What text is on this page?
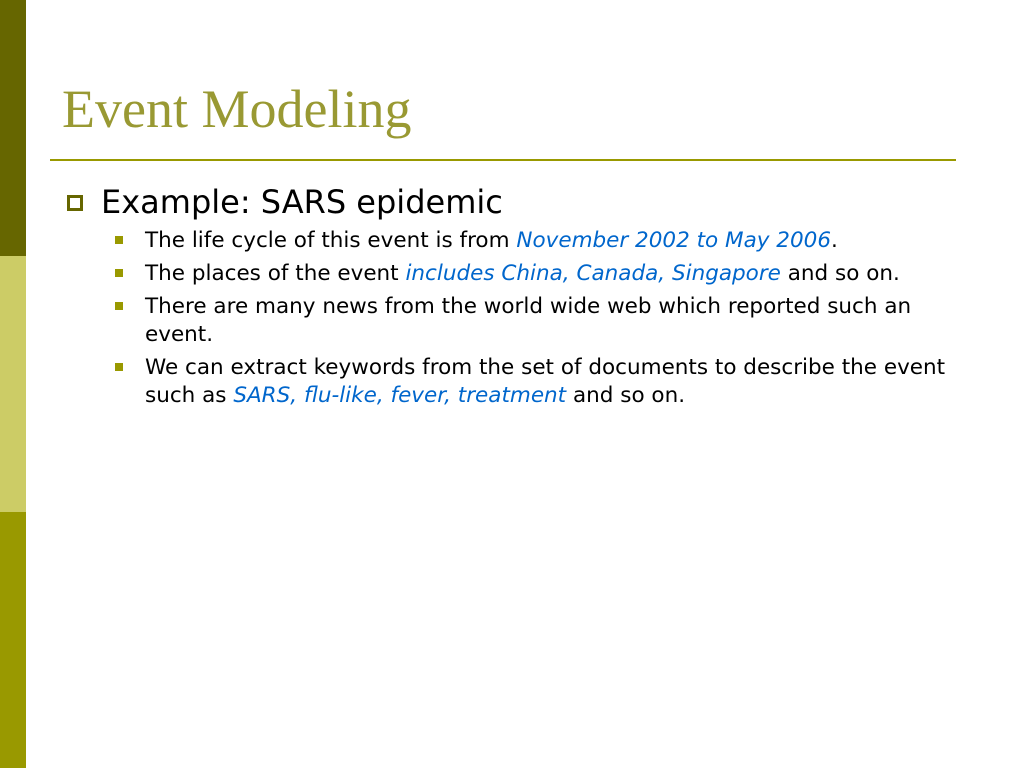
Event Modeling
Example: SARS epidemic
The life cycle of this event is from November 2002 to May 2006.
The places of the event includes China, Canada, Singapore and so on.
There are many news from the world wide web which reported such an event.
We can extract keywords from the set of documents to describe the event such as SARS, flu-like, fever, treatment and so on.
